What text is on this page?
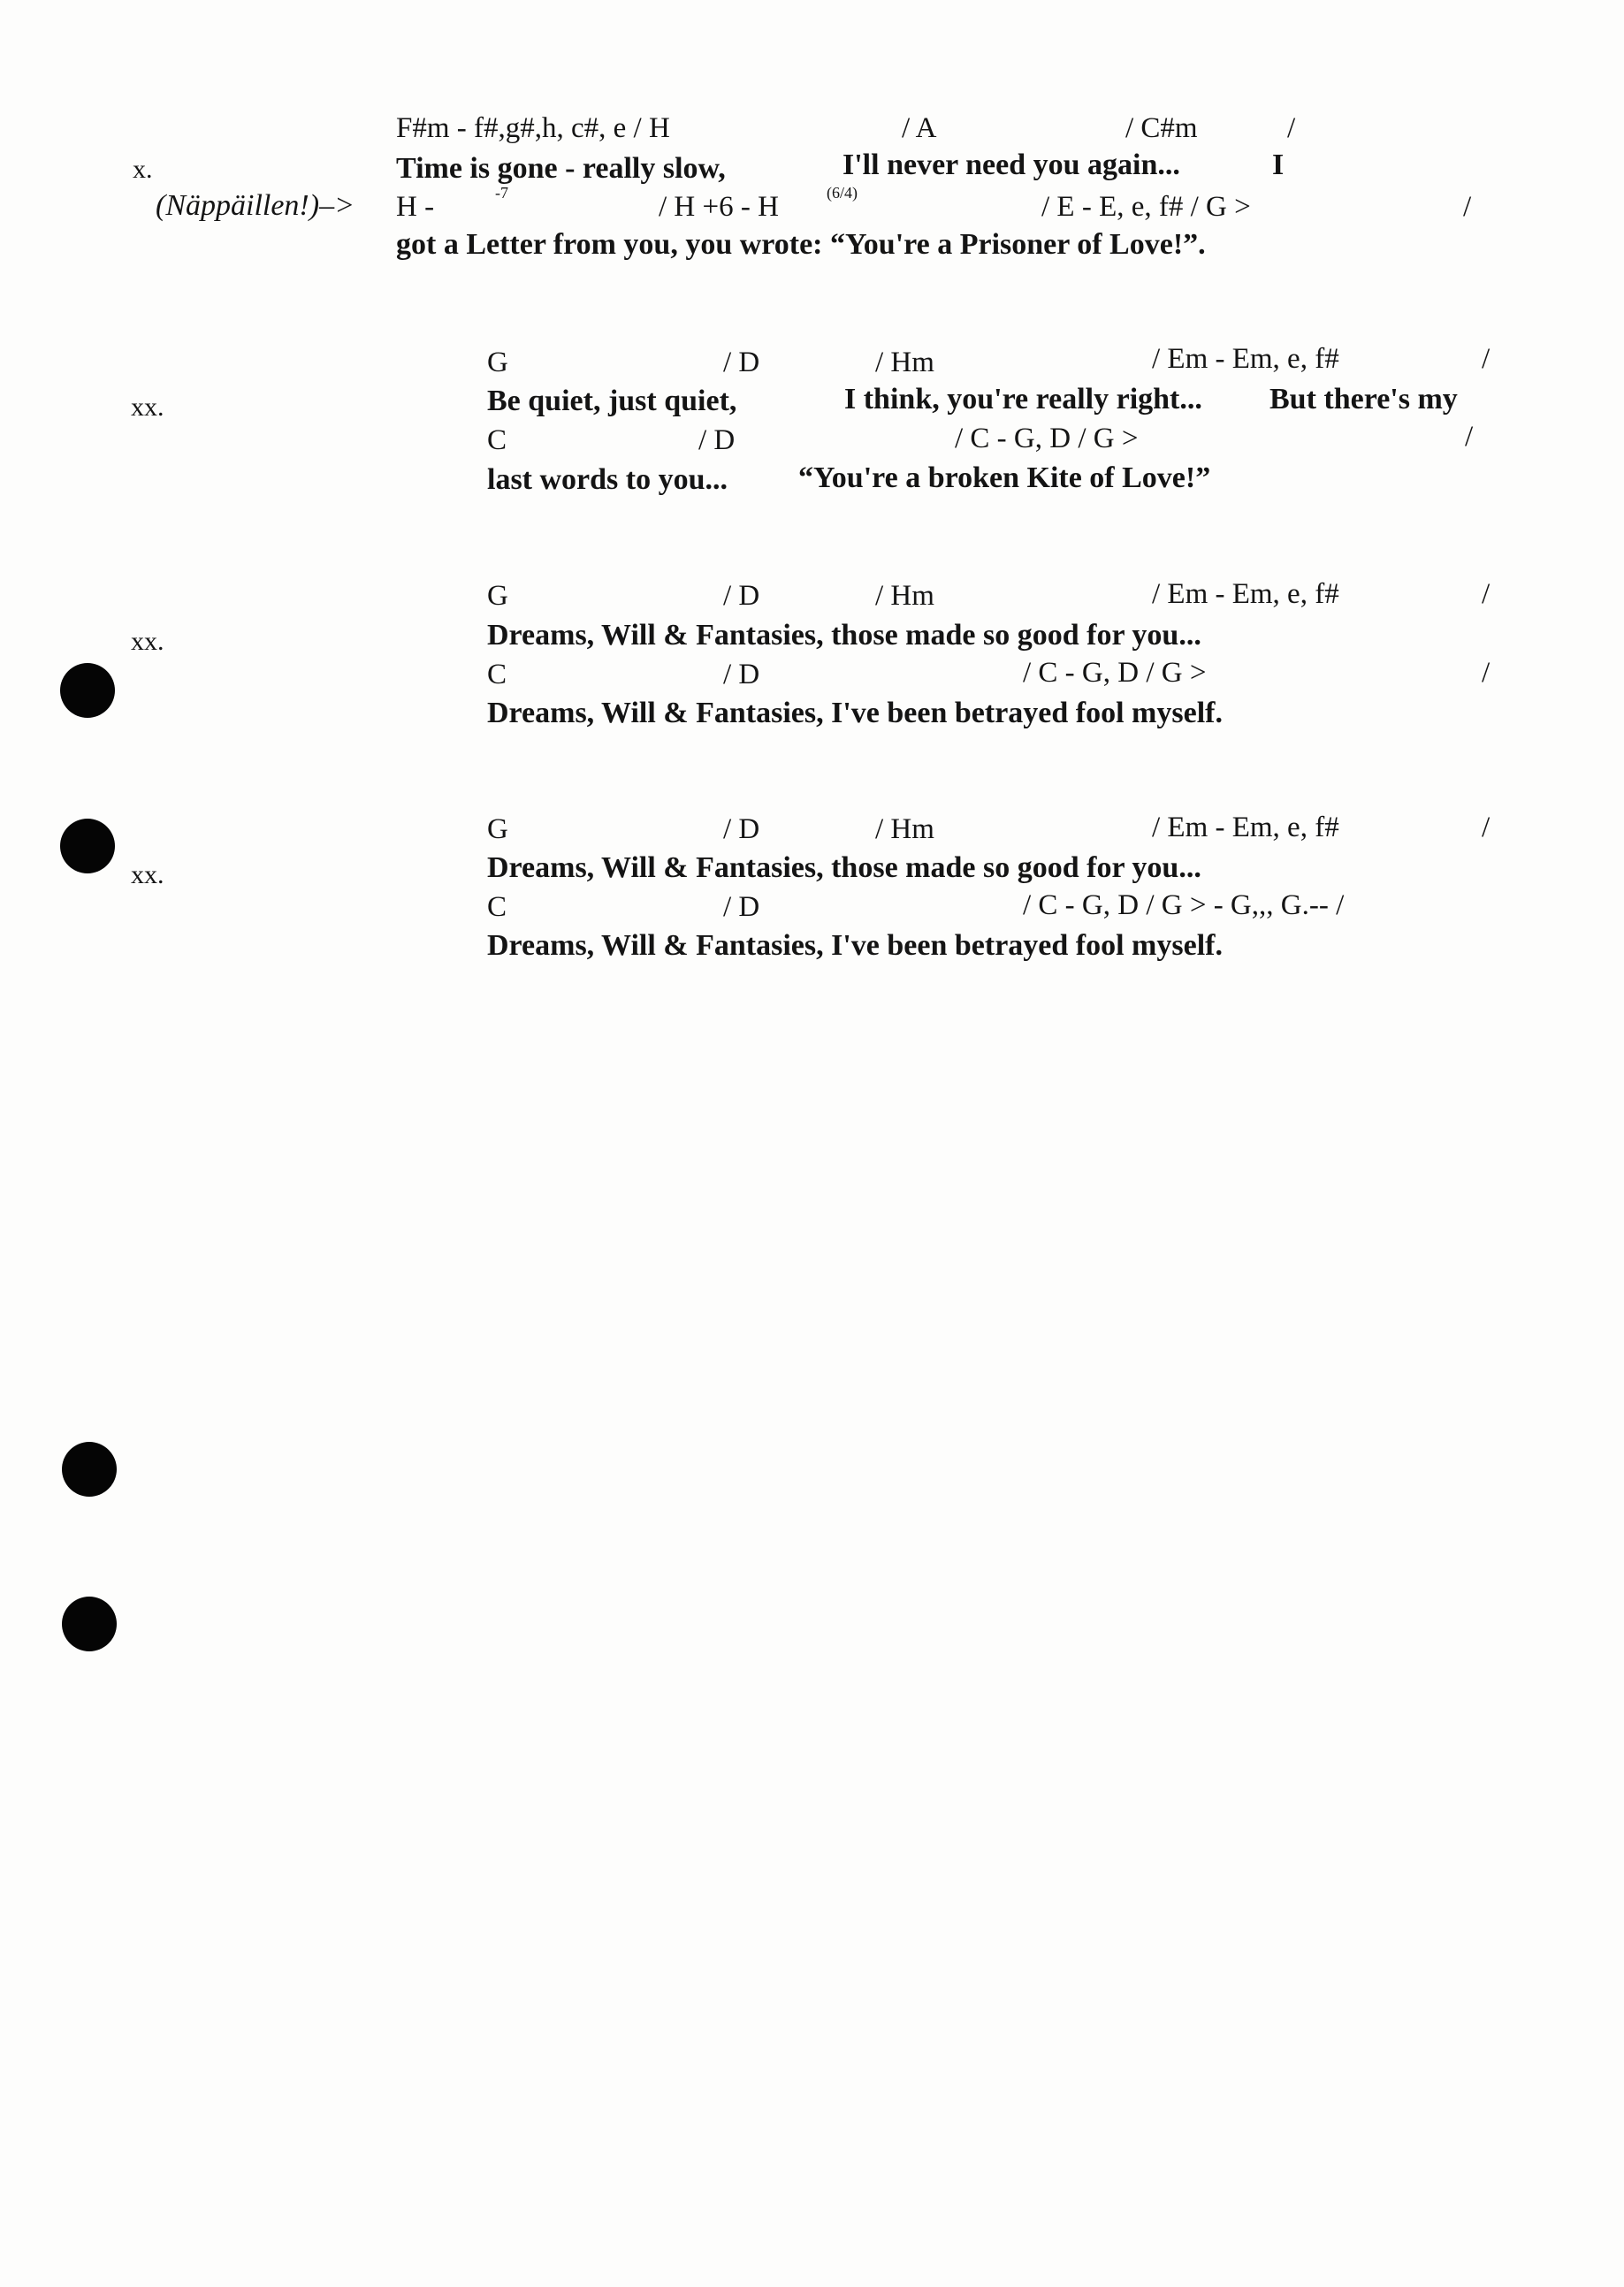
x.
(Näppäillen!)–>
F#m - f#,g#,h, c#, e / H	/ A	/ C#m	/
Time is gone - really slow,	I'll never need you again...	I
H -	$^{-7}$	/ H +6 - H	$^{(6/4)}$	/ E - E, e, f# / G >	/
got a Letter from you, you wrote: “You're a Prisoner of Love!”.
xx.
G	/ D	/ Hm	/ Em - Em, e, f#	/
Be quiet, just quiet,	I think, you're really right... But there's my
C	/ D	/ C - G, D / G >	/
last words to you... “You're a broken Kite of Love!”
xx.
G	/ D	/ Hm	/ Em - Em, e, f#	/
Dreams, Will & Fantasies, those made so good for you...
C	/ D	/ C - G, D / G >	/
Dreams, Will & Fantasies, I've been betrayed fool myself.
xx.
G	/ D	/ Hm	/ Em - Em, e, f#	/
Dreams, Will & Fantasies, those made so good for you...
C	/ D	/ C - G, D / G > - G,,, G.-- /
Dreams, Will & Fantasies, I've been betrayed fool myself.
